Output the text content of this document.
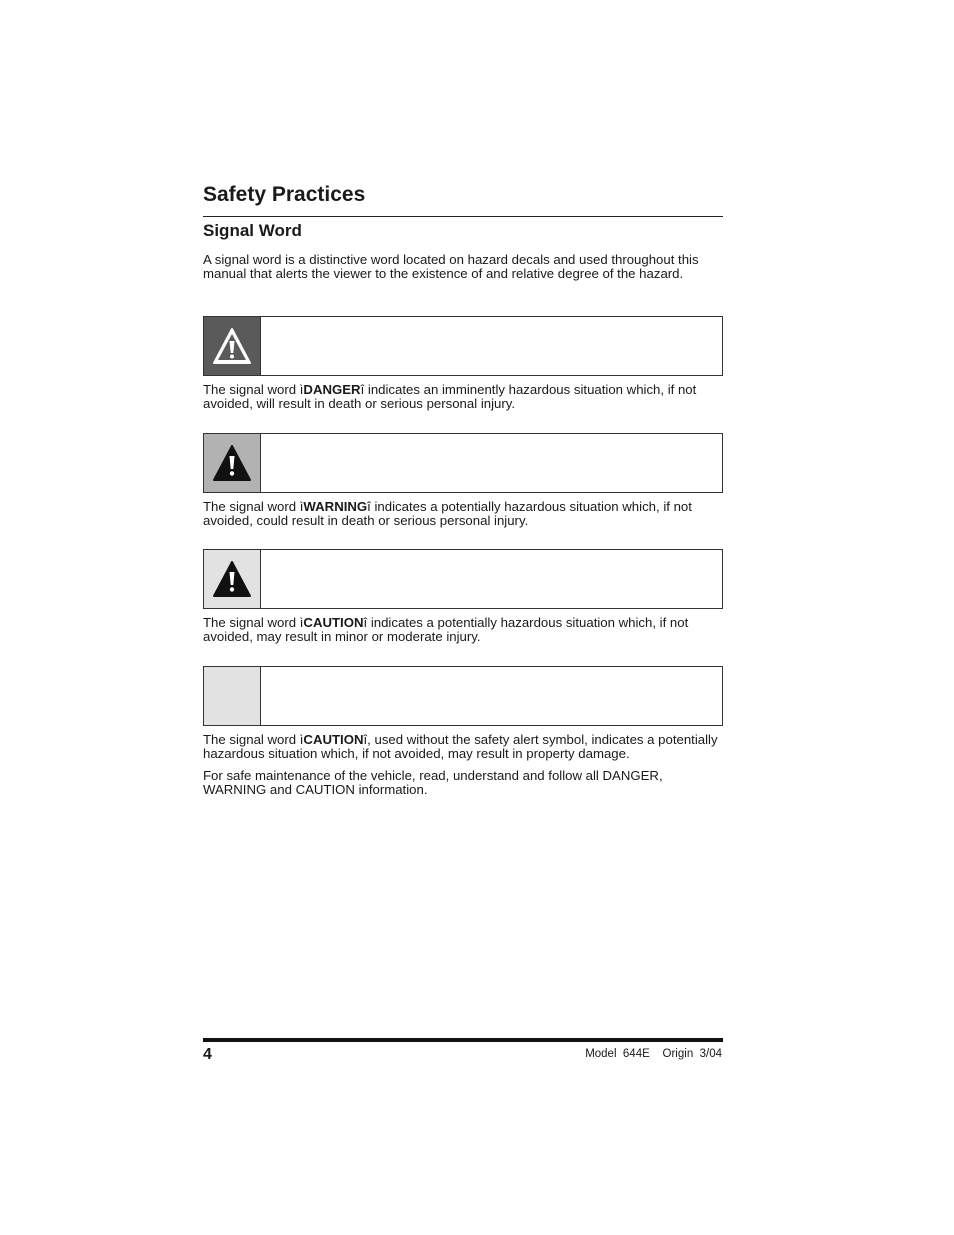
Safety Practices
Signal Word

A signal word is a distinctive word located on hazard decals and used throughout this manual that alerts the viewer to the existence of and relative degree of the hazard.

The signal word ìDANGERî indicates an imminently hazardous situation which, if not avoided, will result in death or serious personal injury.

The signal word ìWARNINGî indicates a potentially hazardous situation which, if not avoided, could result in death or serious personal injury.

The signal word ìCAUTIONî indicates a potentially hazardous situation which, if not avoided, may result in minor or moderate injury.

The signal word ìCAUTIONî, used without the safety alert symbol, indicates a potentially hazardous situation which, if not avoided, may result in property damage.

For safe maintenance of the vehicle, read, understand and follow all DANGER, WARNING and CAUTION information.

4	Model  644E    Origin  3/04
